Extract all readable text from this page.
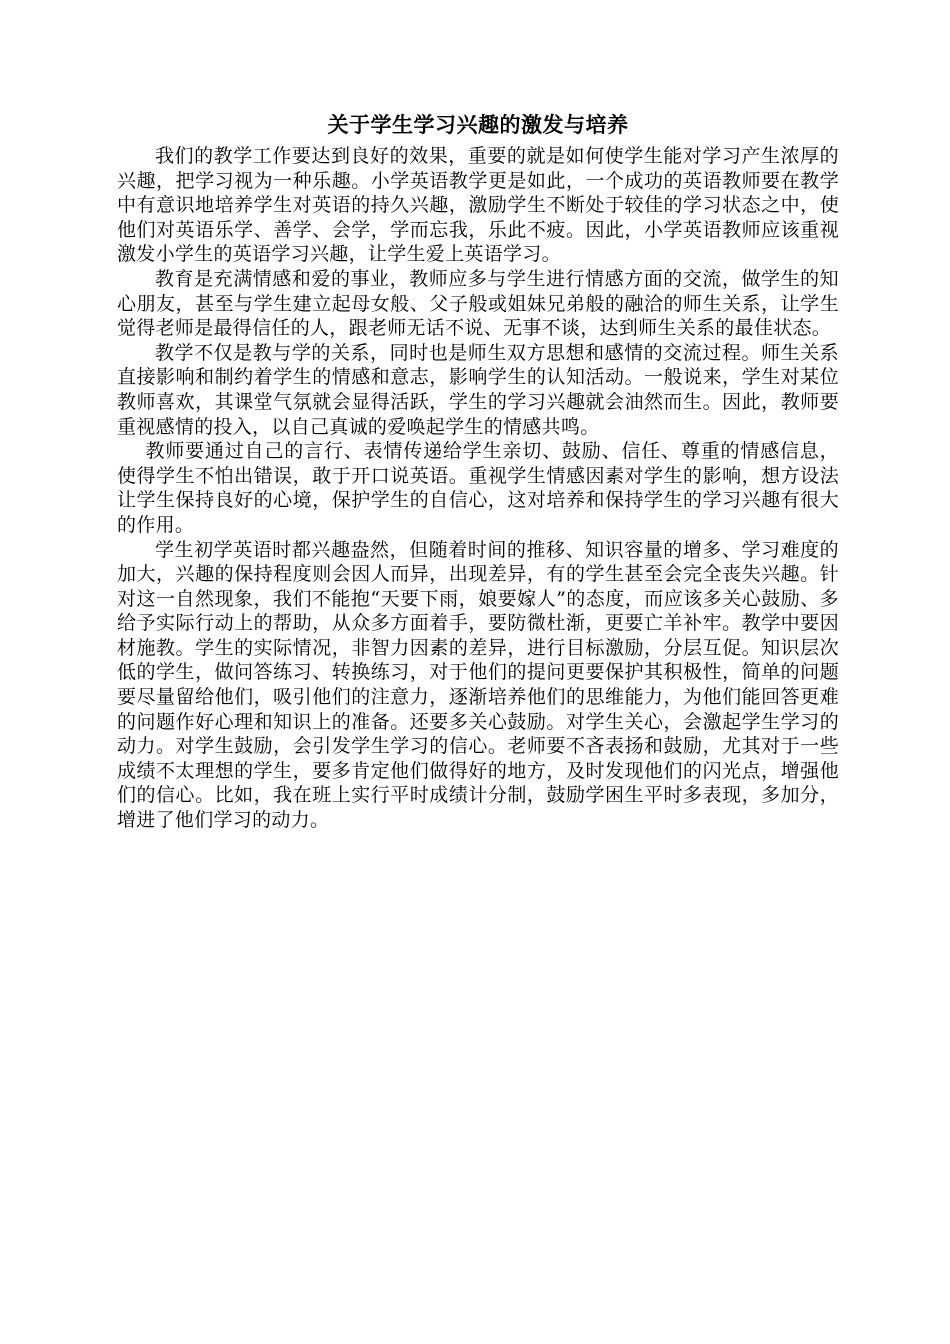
关于学生学习兴趣的激发与培养

我们的教学工作要达到良好的效果，重要的就是如何使学生能对学习产生浓厚的兴趣，把学习视为一种乐趣。小学英语教学更是如此，一个成功的英语教师要在教学中有意识地培养学生对英语的持久兴趣，激励学生不断处于较佳的学习状态之中，使他们对英语乐学、善学、会学，学而忘我，乐此不疲。因此，小学英语教师应该重视激发小学生的英语学习兴趣，让学生爱上英语学习。

教育是充满情感和爱的事业，教师应多与学生进行情感方面的交流，做学生的知心朋友，甚至与学生建立起母女般、父子般或姐妹兄弟般的融洽的师生关系，让学生觉得老师是最得信任的人，跟老师无话不说、无事不谈，达到师生关系的最佳状态。

教学不仅是教与学的关系，同时也是师生双方思想和感情的交流过程。师生关系直接影响和制约着学生的情感和意志，影响学生的认知活动。一般说来，学生对某位教师喜欢，其课堂气氛就会显得活跃，学生的学习兴趣就会油然而生。因此，教师要重视感情的投入，以自己真诚的爱唤起学生的情感共鸣。

教师要通过自己的言行、表情传递给学生亲切、鼓励、信任、尊重的情感信息，使得学生不怕出错误，敢于开口说英语。重视学生情感因素对学生的影响，想方设法让学生保持良好的心境，保护学生的自信心，这对培养和保持学生的学习兴趣有很大的作用。

学生初学英语时都兴趣盎然，但随着时间的推移、知识容量的增多、学习难度的加大，兴趣的保持程度则会因人而异，出现差异，有的学生甚至会完全丧失兴趣。针对这一自然现象，我们不能抱“天要下雨，娘要嫁人”的态度，而应该多关心鼓励、多给予实际行动上的帮助，从众多方面着手，要防微杜渐，更要亡羊补牢。教学中要因材施教。学生的实际情况，非智力因素的差异，进行目标激励，分层互促。知识层次低的学生，做问答练习、转换练习，对于他们的提问更要保护其积极性，简单的问题要尽量留给他们，吸引他们的注意力，逐渐培养他们的思维能力，为他们能回答更难的问题作好心理和知识上的准备。还要多关心鼓励。对学生关心，会激起学生学习的动力。对学生鼓励，会引发学生学习的信心。老师要不吝表扬和鼓励，尤其对于一些成绩不太理想的学生，要多肯定他们做得好的地方，及时发现他们的闪光点，增强他们的信心。比如，我在班上实行平时成绩计分制，鼓励学困生平时多表现，多加分，增进了他们学习的动力。
